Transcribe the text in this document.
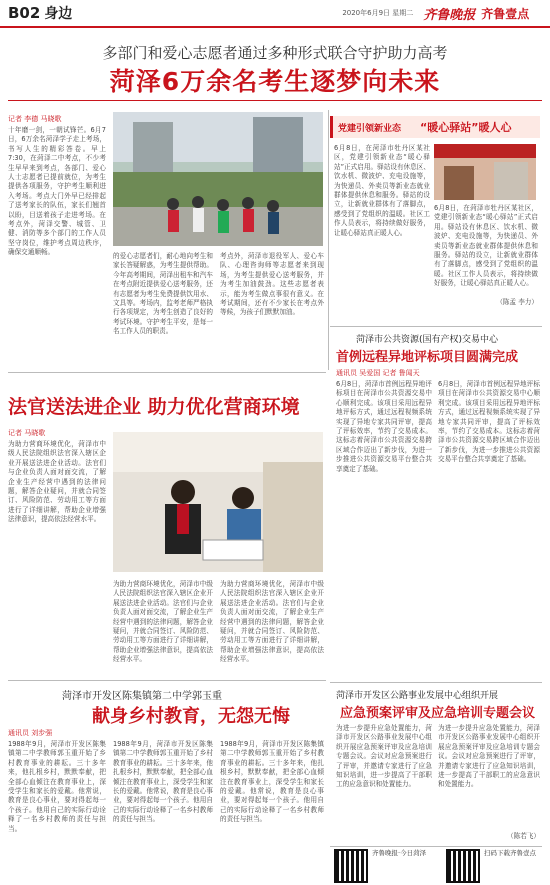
B02 身边	2020年6月9日 星期二 齐鲁晚报 齐鲁壹点
多部门和爱心志愿者通过多种形式联合守护助力高考
菏泽6万余名考生逐梦向未来
记者 李德 马晓歌
十年磨一剑，一朝试锋芒。6月7日，6万余名菏泽学子走上考场，书写人生的精彩答卷。早上7:30，在菏泽二中考点，不少考生早早来到考点，各部门、爱心人士志愿者已提前就位，为考生提供各项服务，守护考生顺利进入考场。考点大门外早已经排起了送考家长的队伍，家长们翘首以盼，目送着孩子走进考场。在考点外，菏泽交警、城管、卫健、消防等多个部门的工作人员坚守岗位，维护考点周边秩序，确保交通顺畅。	的爱心志愿者们，耐心地向考生和家长答疑解惑，为考生提供帮助。今年高考期间，菏泽出租车和汽车在考点附近提供爱心送考服务，还有志愿者为考生免费提供饮用水、文具等。考场内，监考老师严格执行各项规定，为考生创造了良好的考试环境。守护考生平安，是每一名工作人员的职责。
考点外，菏泽市退役军人、爱心车队、心理咨询师等志愿者来到现场，为考生提供爱心送考服务，并为考生加油鼓劲。这些志愿者表示，能为考生做点事很有意义。在考试期间，还有不少家长在考点外等候，为孩子们默默加油。
党建引领新业态 “暖心驿站”暖人心
6月8日，在菏泽市牡丹区某社区，党建引领新业态“暖心驿站”正式启用。驿站设有休息区、饮水机、微波炉、充电设施等，为快递员、外卖员等新业态就业群体提供休息和服务。驿站的设立，让新就业群体有了落脚点，感受到了党组织的温暖。社区工作人员表示，将持续做好服务，让暖心驿站真正暖人心。
6月8日，在菏泽市牡丹区某社区，党建引领新业态“暖心驿站”正式启用。驿站设有休息区、饮水机、微波炉、充电设施等，为快递员、外卖员等新业态就业群体提供休息和服务。驿站的设立，让新就业群体有了落脚点，感受到了党组织的温暖。社区工作人员表示，将持续做好服务，让暖心驿站真正暖人心。
（陈孟 李力）
菏泽市公共资源(国有产权)交易中心
首例远程异地评标项目圆满完成
通讯员 吴爱国 记者 鲁闻天
6月8日，菏泽市首例远程异地评标项目在菏泽市公共资源交易中心顺利完成。该项目采用远程异地评标方式，通过远程视频系统实现了异地专家共同评审，提高了评标效率，节约了交易成本。这标志着菏泽市公共资源交易跨区域合作迈出了新步伐，为进一步推进公共资源交易平台整合共享奠定了基础。
6月8日，菏泽市首例远程异地评标项目在菏泽市公共资源交易中心顺利完成。该项目采用远程异地评标方式，通过远程视频系统实现了异地专家共同评审，提高了评标效率，节约了交易成本。这标志着菏泽市公共资源交易跨区域合作迈出了新步伐，为进一步推进公共资源交易平台整合共享奠定了基础。
法官送法进企业 助力优化营商环境
记者 马晓歌
为助力营商环境优化，菏泽市中级人民法院组织法官深入辖区企业开展送法进企业活动。法官们与企业负责人面对面交流，了解企业生产经营中遇到的法律问题，解答企业疑问，并就合同签订、风险防范、劳动用工等方面进行了详细讲解，帮助企业增强法律意识，提高依法经营水平。
为助力营商环境优化，菏泽市中级人民法院组织法官深入辖区企业开展送法进企业活动。法官们与企业负责人面对面交流，了解企业生产经营中遇到的法律问题，解答企业疑问，并就合同签订、风险防范、劳动用工等方面进行了详细讲解，帮助企业增强法律意识，提高依法经营水平。
为助力营商环境优化，菏泽市中级人民法院组织法官深入辖区企业开展送法进企业活动。法官们与企业负责人面对面交流，了解企业生产经营中遇到的法律问题，解答企业疑问，并就合同签订、风险防范、劳动用工等方面进行了详细讲解，帮助企业增强法律意识，提高依法经营水平。
菏泽市开发区陈集镇第二中学郭玉重
献身乡村教育，无怨无悔
通讯员 刘步强
1988年9月，菏泽市开发区陈集镇第二中学教师郭玉重开始了乡村教育事业的耕耘。三十多年来，他扎根乡村，默默奉献，把全部心血倾注在教育事业上，深受学生和家长的爱戴。他常说，教育是良心事业，要对得起每一个孩子。他用自己的实际行动诠释了一名乡村教师的责任与担当。
1988年9月，菏泽市开发区陈集镇第二中学教师郭玉重开始了乡村教育事业的耕耘。三十多年来，他扎根乡村，默默奉献，把全部心血倾注在教育事业上，深受学生和家长的爱戴。他常说，教育是良心事业，要对得起每一个孩子。他用自己的实际行动诠释了一名乡村教师的责任与担当。
1988年9月，菏泽市开发区陈集镇第二中学教师郭玉重开始了乡村教育事业的耕耘。三十多年来，他扎根乡村，默默奉献，把全部心血倾注在教育事业上，深受学生和家长的爱戴。他常说，教育是良心事业，要对得起每一个孩子。他用自己的实际行动诠释了一名乡村教师的责任与担当。
菏泽市开发区公路事业发展中心组织开展
应急预案评审及应急培训专题会议
为进一步提升应急处置能力，菏泽市开发区公路事业发展中心组织开展应急预案评审及应急培训专题会议。会议对应急预案进行了评审，并邀请专家进行了应急知识培训，进一步提高了干部职工的应急意识和处置能力。
为进一步提升应急处置能力，菏泽市开发区公路事业发展中心组织开展应急预案评审及应急培训专题会议。会议对应急预案进行了评审，并邀请专家进行了应急知识培训，进一步提高了干部职工的应急意识和处置能力。
（陈若飞）
齐鲁晚报·今日菏泽	扫码下载齐鲁壹点
